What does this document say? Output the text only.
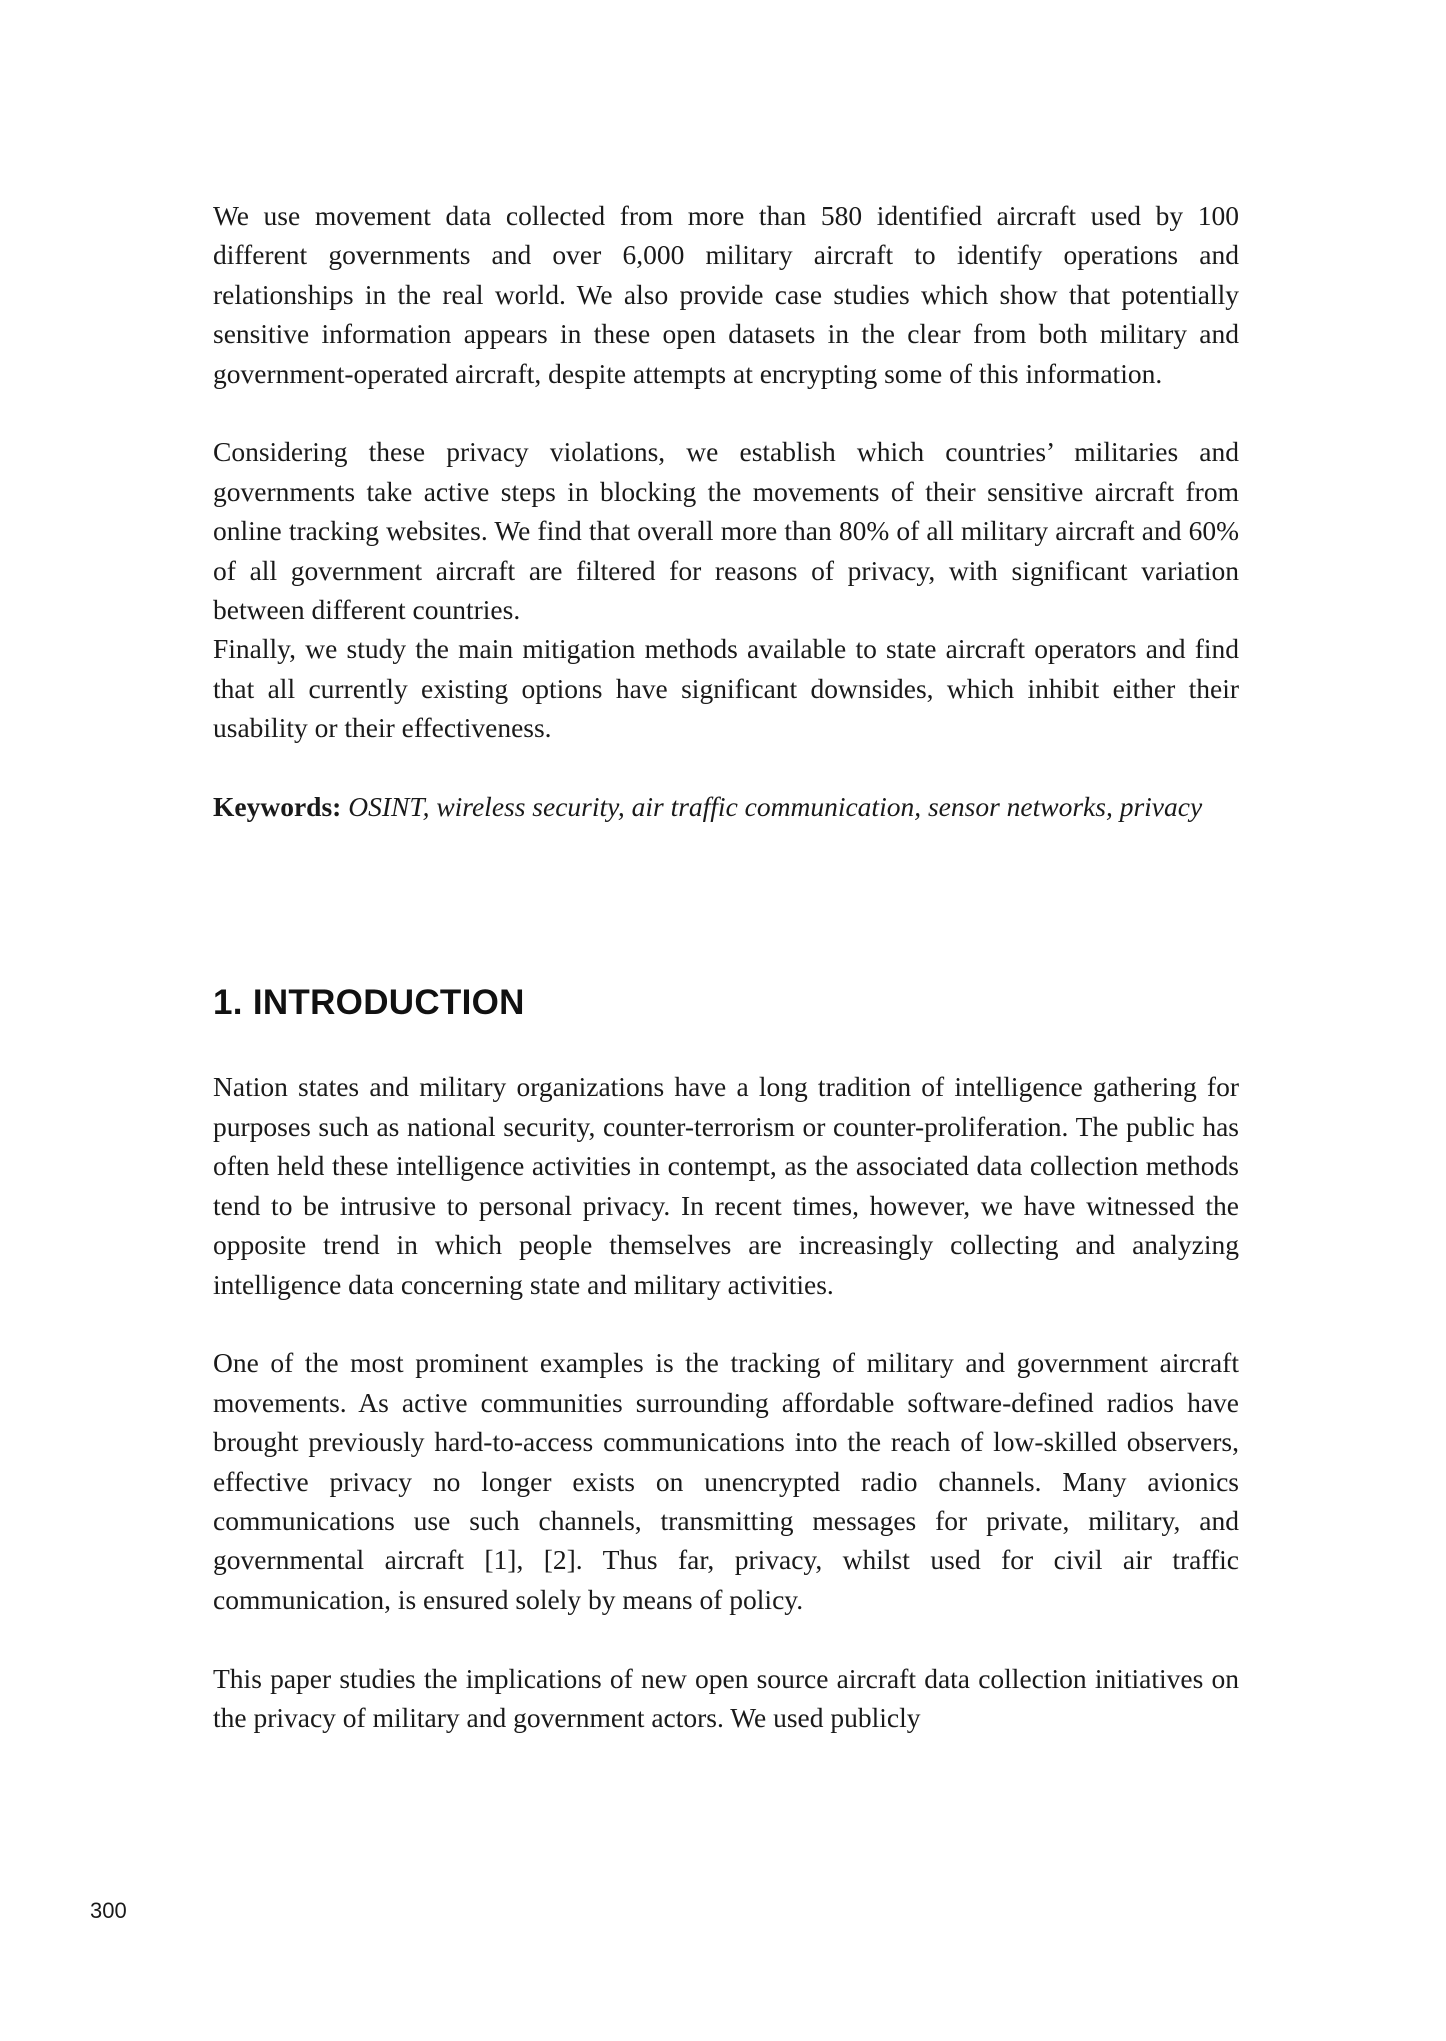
We use movement data collected from more than 580 identified aircraft used by 100 different governments and over 6,000 military aircraft to identify operations and relationships in the real world. We also provide case studies which show that potentially sensitive information appears in these open datasets in the clear from both military and government-operated aircraft, despite attempts at encrypting some of this information.

Considering these privacy violations, we establish which countries’ militaries and governments take active steps in blocking the movements of their sensitive aircraft from online tracking websites. We find that overall more than 80% of all military aircraft and 60% of all government aircraft are filtered for reasons of privacy, with significant variation between different countries.

Finally, we study the main mitigation methods available to state aircraft operators and find that all currently existing options have significant downsides, which inhibit either their usability or their effectiveness.

Keywords: OSINT, wireless security, air traffic communication, sensor networks, privacy

1. INTRODUCTION

Nation states and military organizations have a long tradition of intelligence gathering for purposes such as national security, counter-terrorism or counter-proliferation. The public has often held these intelligence activities in contempt, as the associated data collection methods tend to be intrusive to personal privacy. In recent times, however, we have witnessed the opposite trend in which people themselves are increasingly collecting and analyzing intelligence data concerning state and military activities.

One of the most prominent examples is the tracking of military and government aircraft movements. As active communities surrounding affordable software-defined radios have brought previously hard-to-access communications into the reach of low-skilled observers, effective privacy no longer exists on unencrypted radio channels. Many avionics communications use such channels, transmitting messages for private, military, and governmental aircraft [1], [2]. Thus far, privacy, whilst used for civil air traffic communication, is ensured solely by means of policy.

This paper studies the implications of new open source aircraft data collection initiatives on the privacy of military and government actors. We used publicly

300
